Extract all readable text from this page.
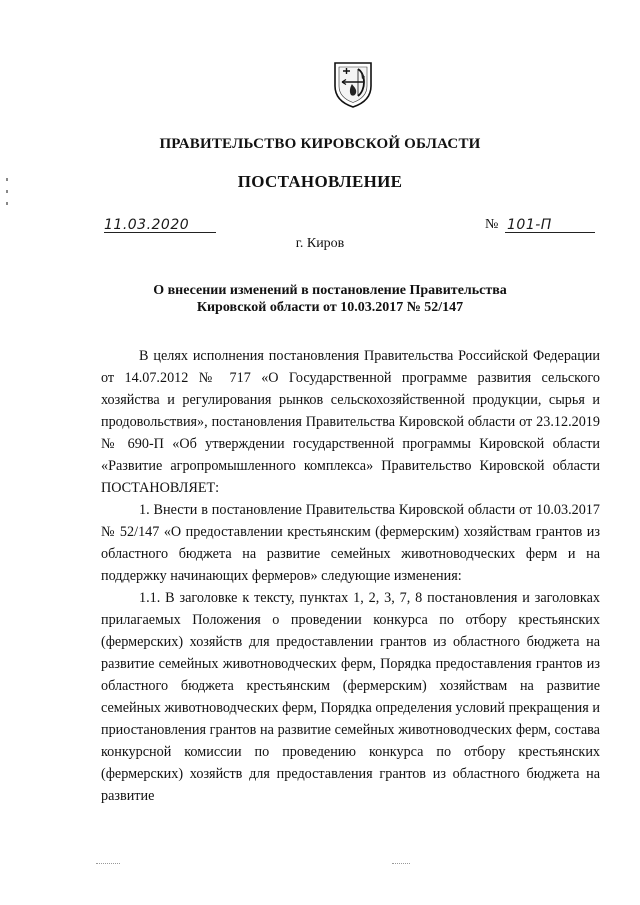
ПРАВИТЕЛЬСТВО КИРОВСКОЙ ОБЛАСТИ
ПОСТАНОВЛЕНИЕ
11.03.2020	№ 101-П
г. Киров
О внесении изменений в постановление Правительства
Кировской области от 10.03.2017 № 52/147

В целях исполнения постановления Правительства Российской Федерации от 14.07.2012 № 717 «О Государственной программе развития сельского хозяйства и регулирования рынков сельскохозяйственной продукции, сырья и продовольствия», постановления Правительства Кировской области от 23.12.2019 № 690-П «Об утверждении государственной программы Кировской области «Развитие агропромышленного комплекса» Правительство Кировской области ПОСТАНОВЛЯЕТ:

1. Внести в постановление Правительства Кировской области от 10.03.2017 № 52/147 «О предоставлении крестьянским (фермерским) хозяйствам грантов из областного бюджета на развитие семейных животноводческих ферм и на поддержку начинающих фермеров» следующие изменения:

1.1. В заголовке к тексту, пунктах 1, 2, 3, 7, 8 постановления и заголовках прилагаемых Положения о проведении конкурса по отбору крестьянских (фермерских) хозяйств для предоставлении грантов из областного бюджета на развитие семейных животноводческих ферм, Порядка предоставления грантов из областного бюджета крестьянским (фермерским) хозяйствам на развитие семейных животноводческих ферм, Порядка определения условий прекращения и приостановления грантов на развитие семейных животноводческих ферм, состава конкурсной комиссии по проведению конкурса по отбору крестьянских (фермерских) хозяйств для предоставления грантов из областного бюджета на развитие
